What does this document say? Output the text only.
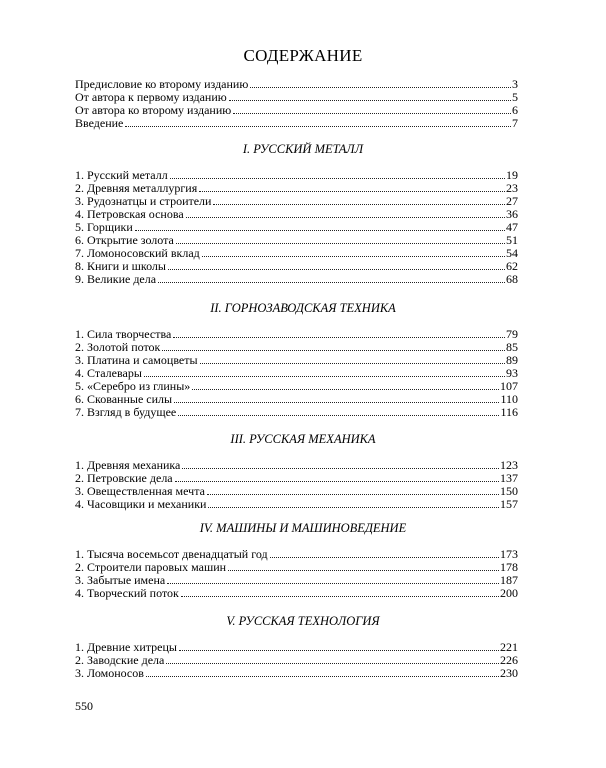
СОДЕРЖАНИЕ
550
Предисловие ко второму изданию	3
От автора к первому изданию	5
От автора ко второму изданию	6
Введение	7
I. РУССКИЙ МЕТАЛЛ
1. Русский металл	19
2. Древняя металлургия	23
3. Рудознатцы и строители	27
4. Петровская основа	36
5. Горщики	47
6. Открытие золота	51
7. Ломоносовский вклад	54
8. Книги и школы	62
9. Великие дела	68
II. ГОРНОЗАВОДСКАЯ ТЕХНИКА
1. Сила творчества	79
2. Золотой поток	85
3. Платина и самоцветы	89
4. Сталевары	93
5. «Серебро из глины»	107
6. Скованные силы	110
7. Взгляд в будущее	116
III. РУССКАЯ МЕХАНИКА
1. Древняя механика	123
2. Петровские дела	137
3. Овеществленная мечта	150
4. Часовщики и механики	157
IV. МАШИНЫ И МАШИНОВЕДЕНИЕ
1. Тысяча восемьсот двенадцатый год	173
2. Строители паровых машин	178
3. Забытые имена	187
4. Творческий поток	200
V. РУССКАЯ ТЕХНОЛОГИЯ
1. Древние хитрецы	221
2. Заводские дела	226
3. Ломоносов	230
